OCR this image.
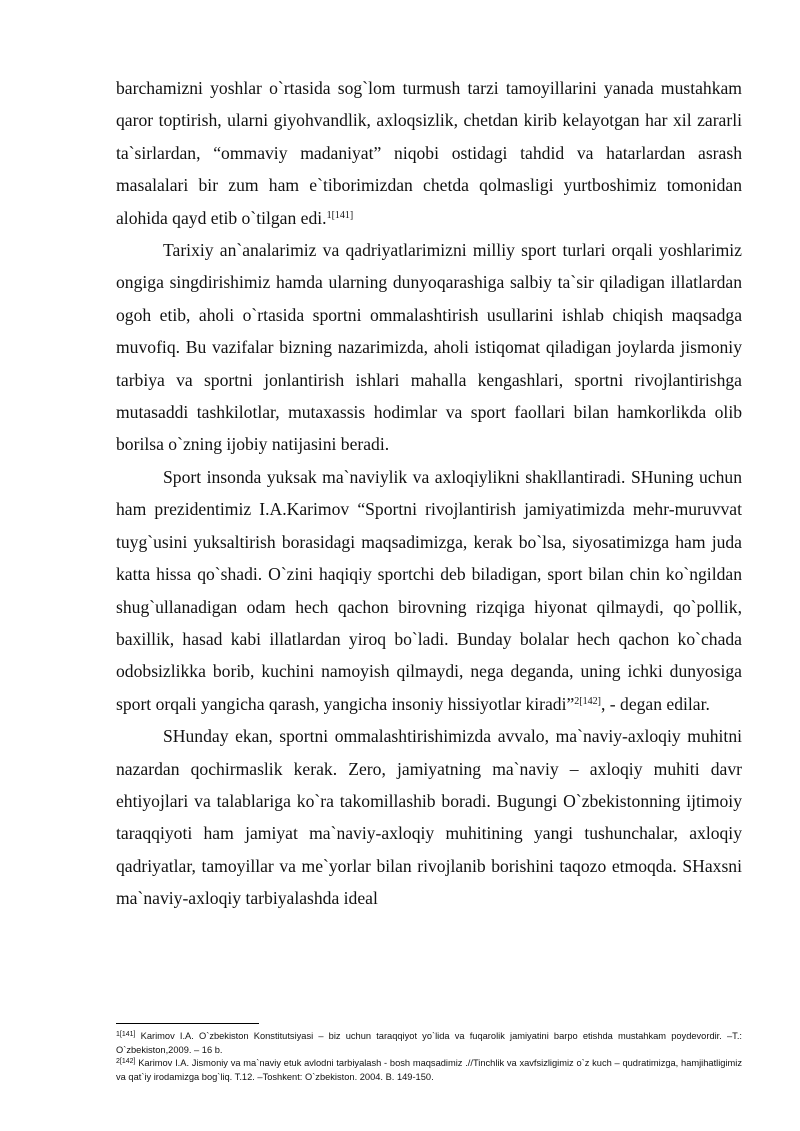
barchamizni yoshlar o`rtasida sog`lom turmush tarzi tamoyillarini yanada mustahkam qaror toptirish, ularni giyohvandlik, axloqsizlik, chetdan kirib kelayotgan har xil zararli ta`sirlardan, “ommaviy madaniyat” niqobi ostidagi tahdid va hatarlardan asrash masalalari bir zum ham e`tiborimizdan chetda qolmasligi yurtboshimiz tomonidan alohida qayd etib o`tilgan edi.$^{1[141]}$

Tarixiy an`analarimiz va qadriyatlarimizni milliy sport turlari orqali yoshlarimiz ongiga singdirishimiz hamda ularning dunyoqarashiga salbiy ta`sir qiladigan illatlardan ogoh etib, aholi o`rtasida sportni ommalashtirish usullarini ishlab chiqish maqsadga muvofiq. Bu vazifalar bizning nazarimizda, aholi istiqomat qiladigan joylarda jismoniy tarbiya va sportni jonlantirish ishlari mahalla kengashlari, sportni rivojlantirishga mutasaddi tashkilotlar, mutaxassis hodimlar va sport faollari bilan hamkorlikda olib borilsa o`zning ijobiy natijasini beradi.

Sport insonda yuksak ma`naviylik va axloqiylikni shakllantiradi. SHuning uchun ham prezidentimiz I.A.Karimov “Sportni rivojlantirish jamiyatimizda mehr-muruvvat tuyg`usini yuksaltirish borasidagi maqsadimizga, kerak bo`lsa, siyosatimizga ham juda katta hissa qo`shadi. O`zini haqiqiy sportchi deb biladigan, sport bilan chin ko`ngildan shug`ullanadigan odam hech qachon birovning rizqiga hiyonat qilmaydi, qo`pollik, baxillik, hasad kabi illatlardan yiroq bo`ladi. Bunday bolalar hech qachon ko`chada odobsizlikka borib, kuchini namoyish qilmaydi, nega deganda, uning ichki dunyosiga sport orqali yangicha qarash, yangicha insoniy hissiyotlar kiradi”$^{2[142]}$, - degan edilar.

SHunday ekan, sportni ommalashtirishimizda avvalo, ma`naviy-axloqiy muhitni nazardan qochirmaslik kerak. Zero, jamiyatning ma`naviy – axloqiy muhiti davr ehtiyojlari va talablariga ko`ra takomillashib boradi. Bugungi O`zbekistonning ijtimoiy taraqqiyoti ham jamiyat ma`naviy-axloqiy muhitining yangi tushunchalar, axloqiy qadriyatlar, tamoyillar va me`yorlar bilan rivojlanib borishini taqozo etmoqda. SHaxsni ma`naviy-axloqiy tarbiyalashda ideal

$^{1[141]}$ Karimov I.A. O`zbekiston Konstitutsiyasi – biz uchun taraqqiyot yo`lida va fuqarolik jamiyatini barpo etishda mustahkam poydevordir. –T.: O`zbekiston,2009. – 16 b.

$^{2[142]}$ Karimov I.A. Jismoniy va ma`naviy etuk avlodni tarbiyalash - bosh maqsadimiz .//Tinchlik va xavfsizligimiz o`z kuch – qudratimizga, hamjihatligimiz va qat`iy irodamizga bog`liq. T.12. –Toshkent: O`zbekiston. 2004. B. 149-150.
